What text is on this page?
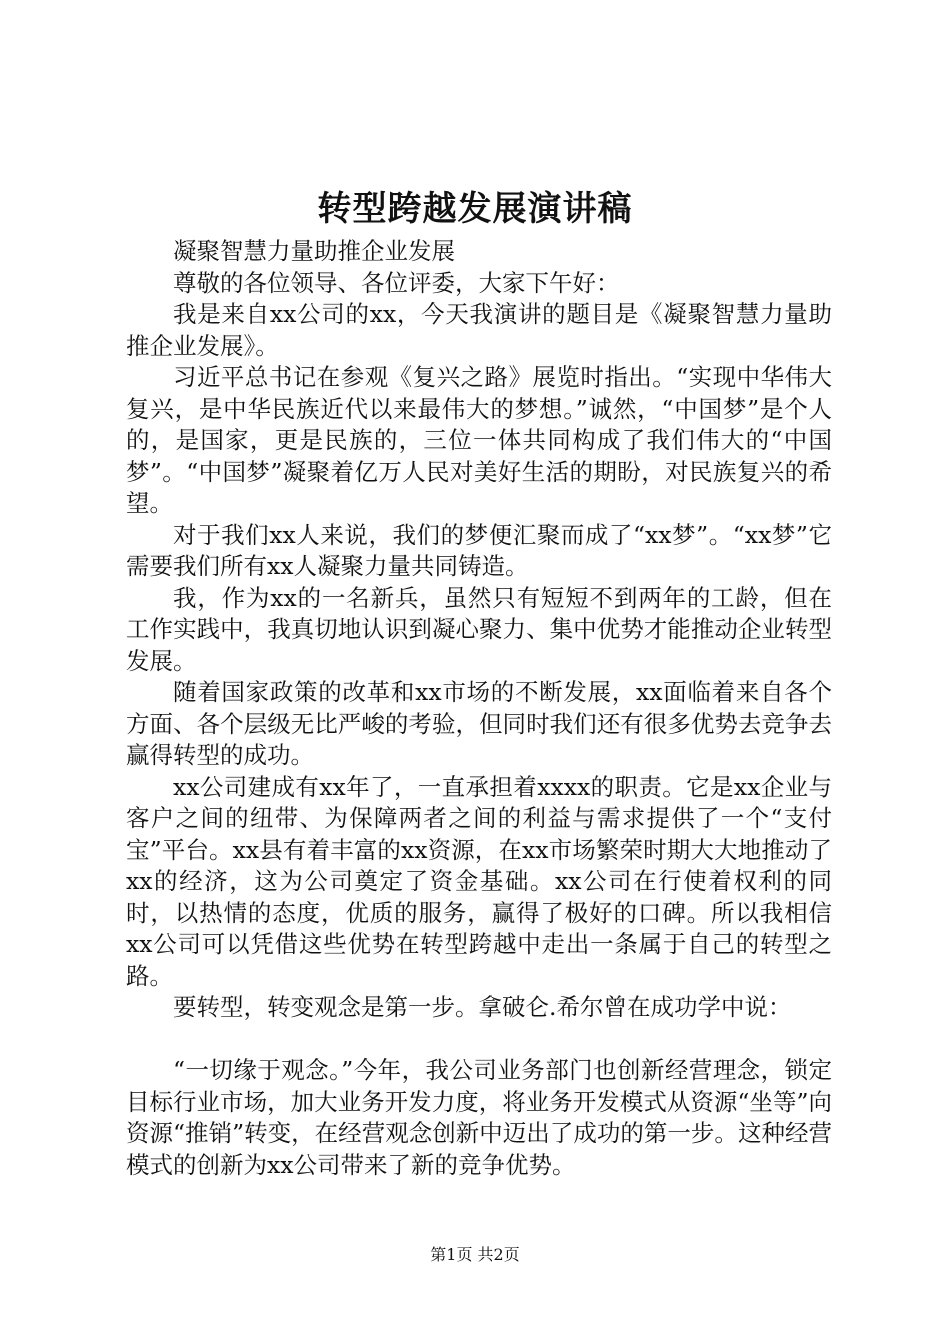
转型跨越发展演讲稿

凝聚智慧力量助推企业发展

尊敬的各位领导、各位评委，大家下午好：

我是来自xx公司的xx，今天我演讲的题目是《凝聚智慧力量助推企业发展》。

习近平总书记在参观《复兴之路》展览时指出。“实现中华伟大复兴，是中华民族近代以来最伟大的梦想。”诚然，“中国梦”是个人的，是国家，更是民族的，三位一体共同构成了我们伟大的“中国梦”。“中国梦”凝聚着亿万人民对美好生活的期盼，对民族复兴的希望。

对于我们xx人来说，我们的梦便汇聚而成了“xx梦”。“xx梦”它需要我们所有xx人凝聚力量共同铸造。

我，作为xx的一名新兵，虽然只有短短不到两年的工龄，但在工作实践中，我真切地认识到凝心聚力、集中优势才能推动企业转型发展。

随着国家政策的改革和xx市场的不断发展，xx面临着来自各个方面、各个层级无比严峻的考验，但同时我们还有很多优势去竞争去赢得转型的成功。

xx公司建成有xx年了，一直承担着xxxx的职责。它是xx企业与客户之间的纽带、为保障两者之间的利益与需求提供了一个“支付宝”平台。xx县有着丰富的xx资源，在xx市场繁荣时期大大地推动了xx的经济，这为公司奠定了资金基础。xx公司在行使着权利的同时，以热情的态度，优质的服务，赢得了极好的口碑。所以我相信xx公司可以凭借这些优势在转型跨越中走出一条属于自己的转型之路。

要转型，转变观念是第一步。拿破仑.希尔曾在成功学中说：

“一切缘于观念。”今年，我公司业务部门也创新经营理念，锁定目标行业市场，加大业务开发力度，将业务开发模式从资源“坐等”向资源“推销”转变，在经营观念创新中迈出了成功的第一步。这种经营模式的创新为xx公司带来了新的竞争优势。

第1页 共2页
